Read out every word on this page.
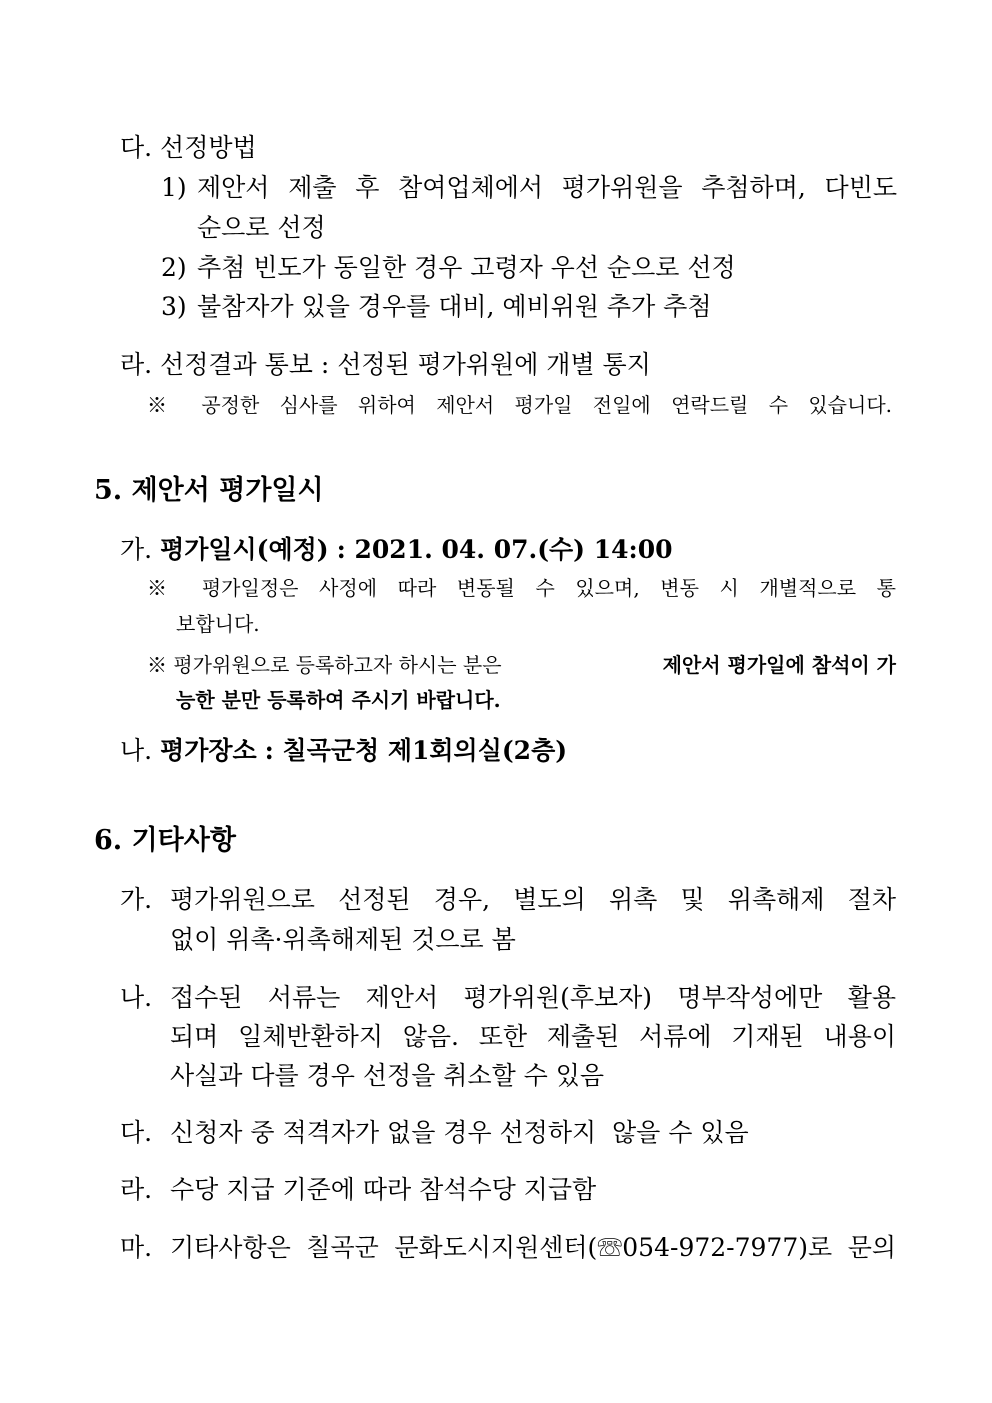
다. 선정방법
1) 제안서 제출 후 참여업체에서 평가위원을 추첨하며, 다빈도
순으로 선정
2) 추첨 빈도가 동일한 경우 고령자 우선 순으로 선정
3) 불참자가 있을 경우를 대비, 예비위원 추가 추첨
라. 선정결과 통보 : 선정된 평가위원에 개별 통지
※ 공정한 심사를 위하여 제안서 평가일 전일에 연락드릴 수 있습니다.
5. 제안서 평가일시
가. 평가일시(예정) : 2021. 04. 07.(수) 14:00
※ 평가일정은 사정에 따라 변동될 수 있으며, 변동 시 개별적으로 통
보합니다.
※ 평가위원으로 등록하고자 하시는 분은	제안서 평가일에 참석이 가
능한 분만 등록하여 주시기 바랍니다.
나. 평가장소 : 칠곡군청 제1회의실(2층)
6. 기타사항
가. 평가위원으로 선정된 경우, 별도의 위촉 및 위촉해제 절차
없이 위촉·위촉해제된 것으로 봄
나. 접수된 서류는 제안서 평가위원(후보자) 명부작성에만 활용
되며 일체반환하지 않음. 또한 제출된 서류에 기재된 내용이
사실과 다를 경우 선정을 취소할 수 있음
다. 신청자 중 적격자가 없을 경우 선정하지  않을 수 있음
라. 수당 지급 기준에 따라 참석수당 지급함
마. 기타사항은 칠곡군 문화도시지원센터(☏054-972-7977)로 문의
